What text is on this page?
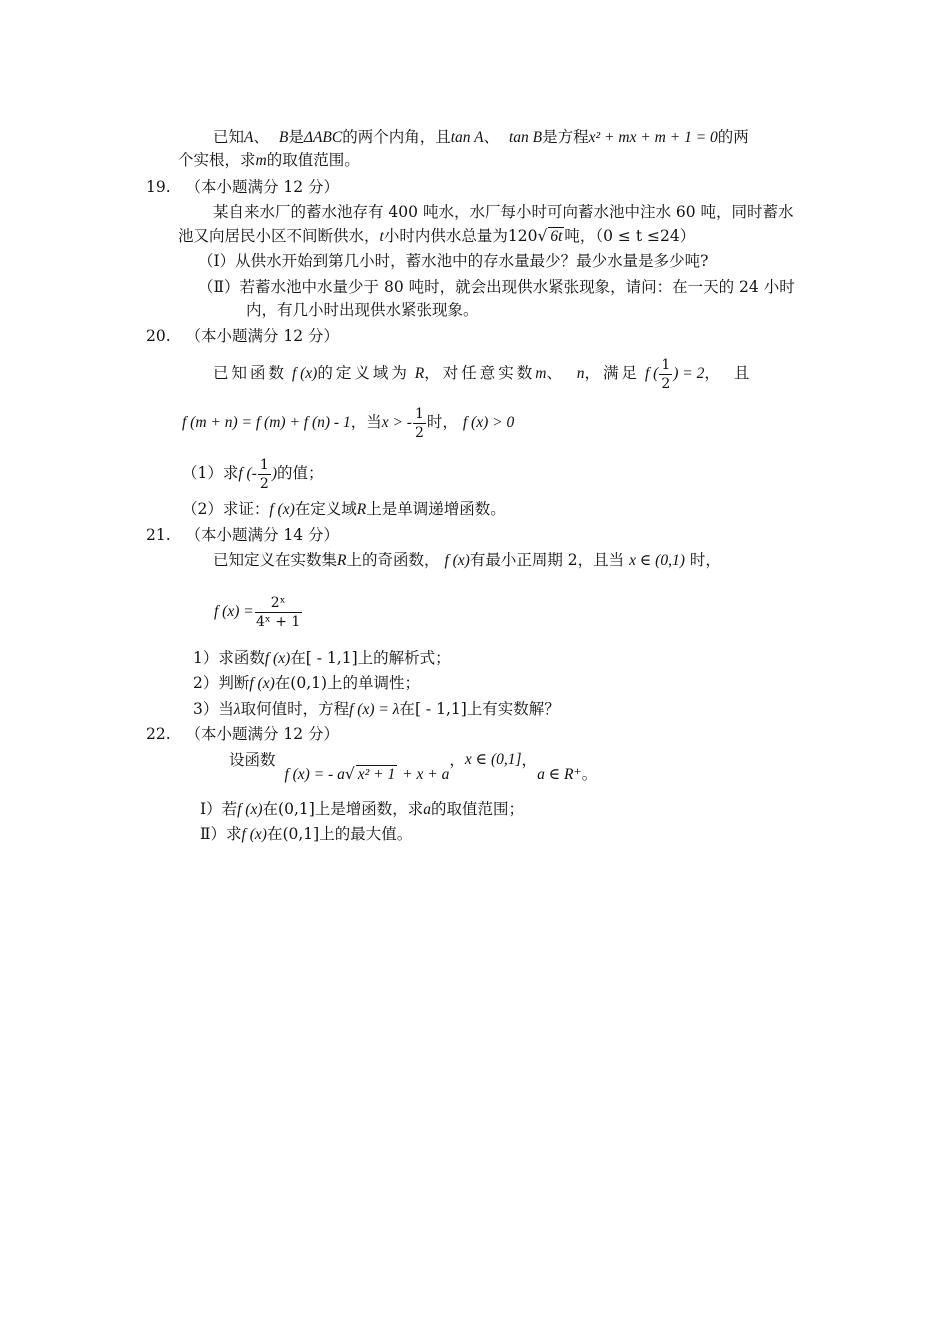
已知A、 B是ΔABC的两个内角，且tan A、 tan B是方程x² + mx + m + 1 = 0的两
个实根，求m的取值范围。
19. （本小题满分 12 分）
某自来水厂的蓄水池存有 400 吨水，水厂每小时可向蓄水池中注水 60 吨，同时蓄水
池又向居民小区不间断供水，t小时内供水总量为120√ 6t 吨，（0 ≤ t ≤24）
（Ⅰ）从供水开始到第几小时，蓄水池中的存水量最少？最少水量是多少吨?
（Ⅱ）若蓄水池中水量少于 80 吨时，就会出现供水紧张现象，请问：在一天的 24 小时
内，有几小时出现供水紧张现象。
20. （本小题满分 12 分）
已知函数 f (x)的定义域为 R，对任意实数m、 n，满足 f ( $\frac{1}{2}$ ) = 2，且
f (m + n) = f (m) + f (n) - 1，当x > - $\frac{1}{2}$ 时， f (x) > 0
（1）求f (- $\frac{1}{2}$ )的值；
（2）求证：f (x)在定义域R上是单调递增函数。
21. （本小题满分 14 分）
已知定义在实数集R上的奇函数， f (x)有最小正周期 2，且当 x ∈ (0,1) 时，
f $(x) = \frac{\text{2ˣ}}{\text{4ˣ + 1}}$
1）求函数f (x)在[ - 1,1]上的解析式；
2）判断f (x)在(0,1)上的单调性；
3）当λ取何值时，方程f (x) = λ在[ - 1,1]上有实数解？
22. （本小题满分 12 分）
设函数 f (x) = - a√ x² + 1 + x + a，x ∈ (0,1]，a ∈ R⁺。
Ⅰ）若f (x)在(0,1]上是增函数，求a的取值范围；
Ⅱ）求f (x)在(0,1]上的最大值。
